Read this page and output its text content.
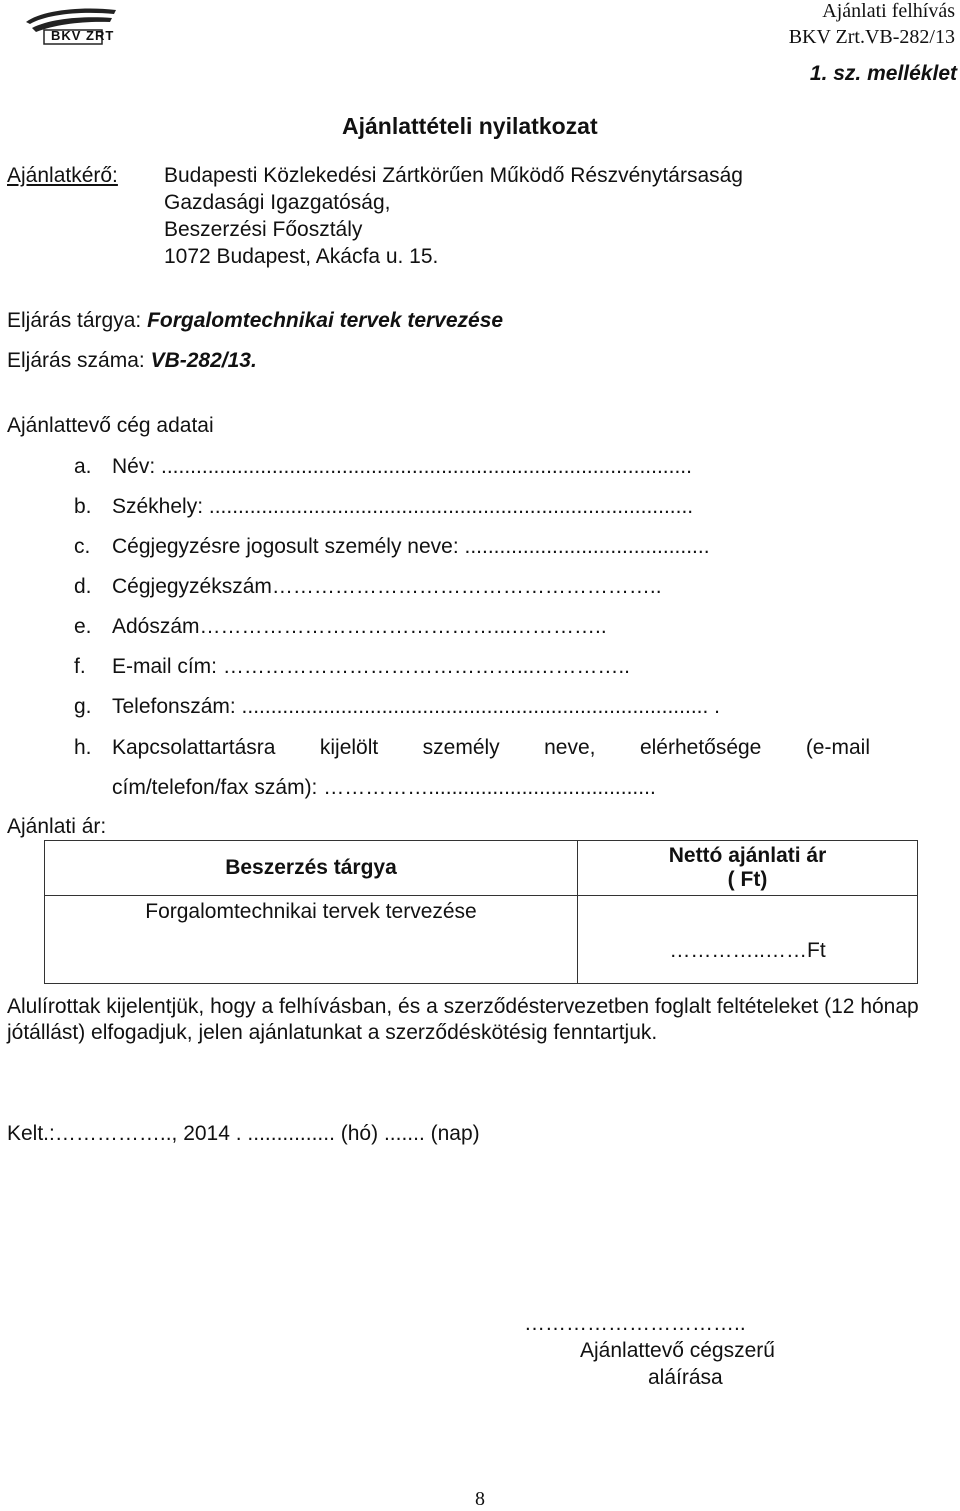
BKV ZRT
Ajánlati felhívás
BKV Zrt.VB-282/13
1. sz. melléklet
Ajánlattételi nyilatkozat
Ajánlatkérő: Budapesti Közlekedési Zártkörűen Működő Részvénytársaság
Gazdasági Igazgatóság,
Beszerzési Főosztály
1072 Budapest, Akácfa u. 15.
Eljárás tárgya: Forgalomtechnikai tervek tervezése
Eljárás száma: VB-282/13.
Ajánlattevő cég adatai
a. Név: ...........................................................................................
b. Székhely: ...................................................................................
c. Cégjegyzésre jogosult személy neve: ..........................................
d. Cégjegyzékszám………………………………………………..
e. Adószám……………………………………...…………..
f. E-mail cím: ……………………………………...…………..
g. Telefonszám: ................................................................................ .
h. Kapcsolattartásra kijelölt személy neve, elérhetősége (e-mail
cím/telefon/fax szám): …………….......................................
Ajánlati ár:
Beszerzés tárgya	Nettó ajánlati ár
( Ft)

Forgalomtechnikai tervek tervezése	…………..……Ft
Alulírottak kijelentjük, hogy a felhívásban, és a szerződéstervezetben foglalt feltételeket (12 hónap jótállást) elfogadjuk, jelen ajánlatunkat a szerződéskötésig fenntartjuk.
Kelt.:…………….., 2014 . ............... (hó) ....... (nap)
…………………………..
Ajánlattevő cégszerű
aláírása
8
